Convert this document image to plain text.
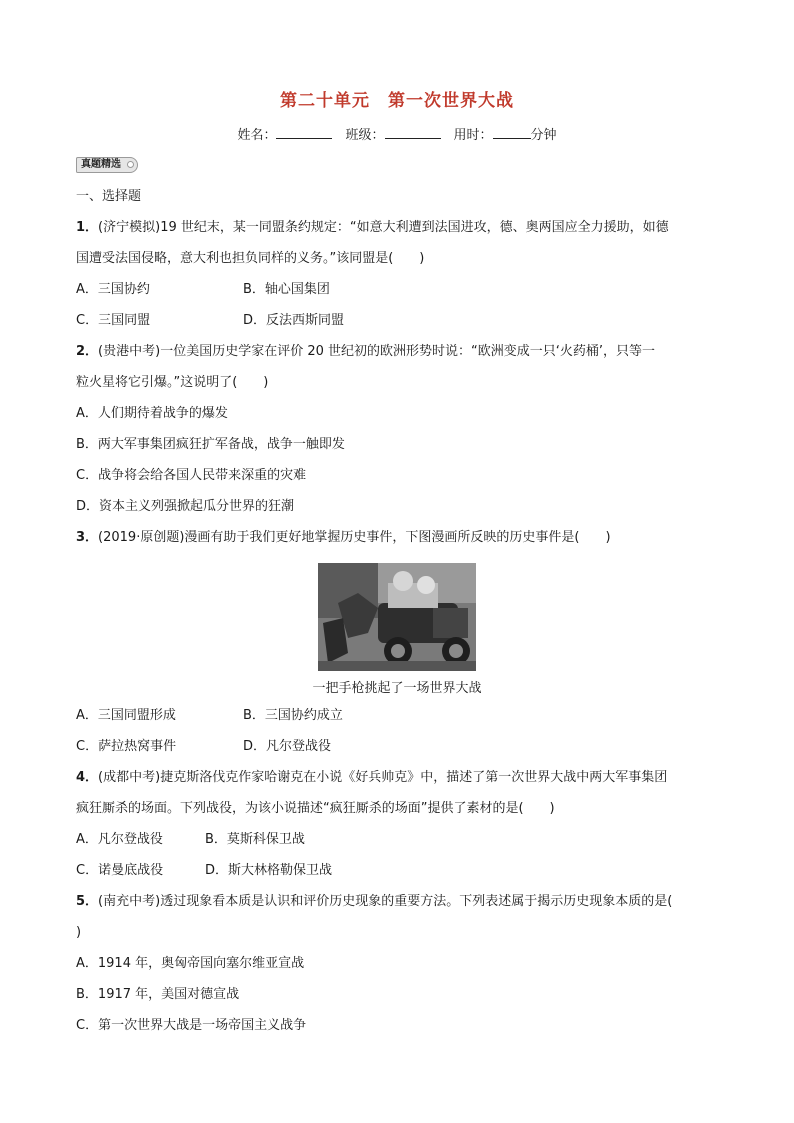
第二十单元　第一次世界大战
姓名：　	班级：　	用时：	分钟
真题精选
一、选择题
1．(济宁模拟)19 世纪末，某一同盟条约规定：“如意大利遭到法国进攻，德、奥两国应全力援助，如德
国遭受法国侵略，意大利也担负同样的义务。”该同盟是(　　)
A．三国协约	B．轴心国集团
C．三国同盟	D．反法西斯同盟
2．(贵港中考)一位美国历史学家在评价 20 世纪初的欧洲形势时说：“欧洲变成一只‘火药桶’，只等一
粒火星将它引爆。”这说明了(　　)
A．人们期待着战争的爆发
B．两大军事集团疯狂扩军备战，战争一触即发
C．战争将会给各国人民带来深重的灾难
D．资本主义列强掀起瓜分世界的狂潮
3．(2019·原创题)漫画有助于我们更好地掌握历史事件，下图漫画所反映的历史事件是(　　)
一把手枪挑起了一场世界大战
A．三国同盟形成	B．三国协约成立
C．萨拉热窝事件	D．凡尔登战役
4．(成都中考)捷克斯洛伐克作家哈谢克在小说《好兵帅克》中，描述了第一次世界大战中两大军事集团
疯狂厮杀的场面。下列战役，为该小说描述“疯狂厮杀的场面”提供了素材的是(　　)
A．凡尔登战役	B．莫斯科保卫战
C．诺曼底战役	D．斯大林格勒保卫战
5．(南充中考)透过现象看本质是认识和评价历史现象的重要方法。下列表述属于揭示历史现象本质的是(
)
A．1914 年，奥匈帝国向塞尔维亚宣战
B．1917 年，美国对德宣战
C．第一次世界大战是一场帝国主义战争
